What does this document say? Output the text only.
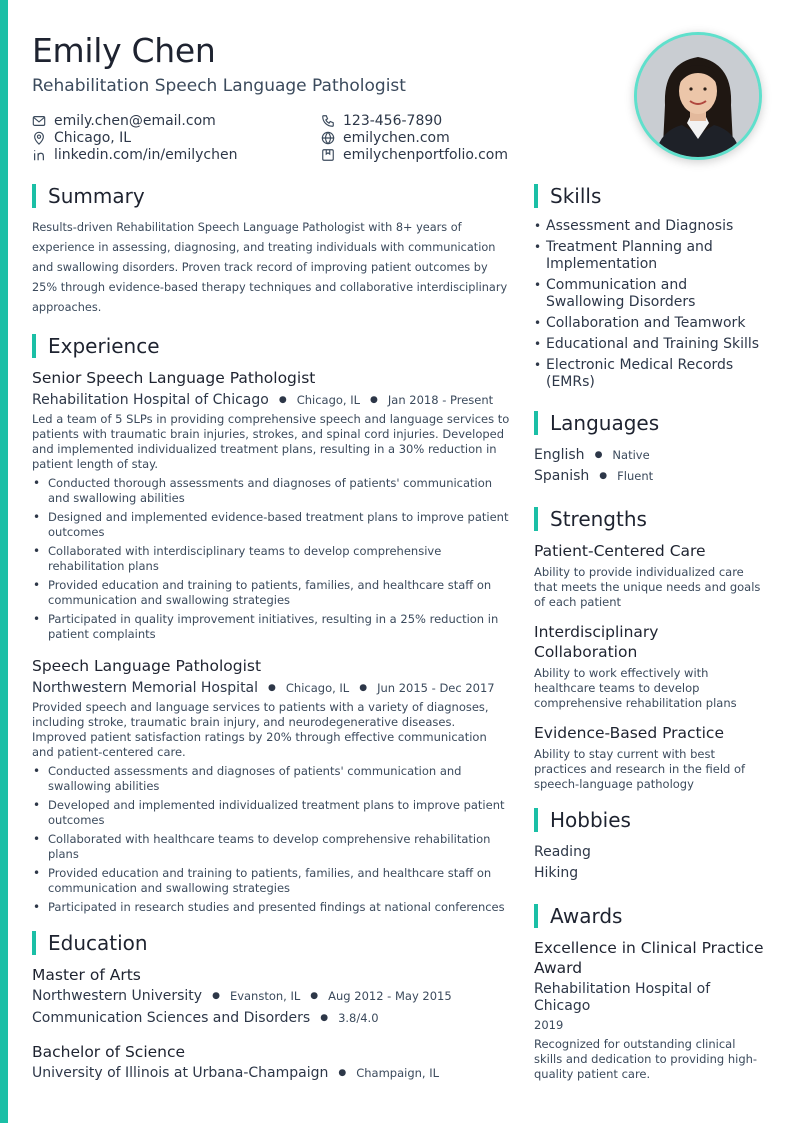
Emily Chen
Rehabilitation Speech Language Pathologist
emily.chen@email.com	123-456-7890
Chicago, IL	emilychen.com
linkedin.com/in/emilychen	emilychenportfolio.com
Summary
Results-driven Rehabilitation Speech Language Pathologist with 8+ years of experience in assessing, diagnosing, and treating individuals with communication and swallowing disorders. Proven track record of improving patient outcomes by 25% through evidence-based therapy techniques and collaborative interdisciplinary approaches.
Experience
Senior Speech Language Pathologist
Rehabilitation Hospital of Chicago ● Chicago, IL ● Jan 2018 - Present
Led a team of 5 SLPs in providing comprehensive speech and language services to patients with traumatic brain injuries, strokes, and spinal cord injuries. Developed and implemented individualized treatment plans, resulting in a 30% reduction in patient length of stay.
• Conducted thorough assessments and diagnoses of patients' communication and swallowing abilities
• Designed and implemented evidence-based treatment plans to improve patient outcomes
• Collaborated with interdisciplinary teams to develop comprehensive rehabilitation plans
• Provided education and training to patients, families, and healthcare staff on communication and swallowing strategies
• Participated in quality improvement initiatives, resulting in a 25% reduction in patient complaints
Speech Language Pathologist
Northwestern Memorial Hospital ● Chicago, IL ● Jun 2015 - Dec 2017
Provided speech and language services to patients with a variety of diagnoses, including stroke, traumatic brain injury, and neurodegenerative diseases. Improved patient satisfaction ratings by 20% through effective communication and patient-centered care.
• Conducted assessments and diagnoses of patients' communication and swallowing abilities
• Developed and implemented individualized treatment plans to improve patient outcomes
• Collaborated with healthcare teams to develop comprehensive rehabilitation plans
• Provided education and training to patients, families, and healthcare staff on communication and swallowing strategies
• Participated in research studies and presented findings at national conferences
Education
Master of Arts
Northwestern University ● Evanston, IL ● Aug 2012 - May 2015
Communication Sciences and Disorders ● 3.8/4.0
Bachelor of Science
University of Illinois at Urbana-Champaign ● Champaign, IL
Skills
• Assessment and Diagnosis
• Treatment Planning and Implementation
• Communication and Swallowing Disorders
• Collaboration and Teamwork
• Educational and Training Skills
• Electronic Medical Records (EMRs)
Languages
English ● Native
Spanish ● Fluent
Strengths
Patient-Centered Care
Ability to provide individualized care that meets the unique needs and goals of each patient
Interdisciplinary Collaboration
Ability to work effectively with healthcare teams to develop comprehensive rehabilitation plans
Evidence-Based Practice
Ability to stay current with best practices and research in the field of speech-language pathology
Hobbies
Reading
Hiking
Awards
Excellence in Clinical Practice Award
Rehabilitation Hospital of Chicago
2019
Recognized for outstanding clinical skills and dedication to providing high-quality patient care.
